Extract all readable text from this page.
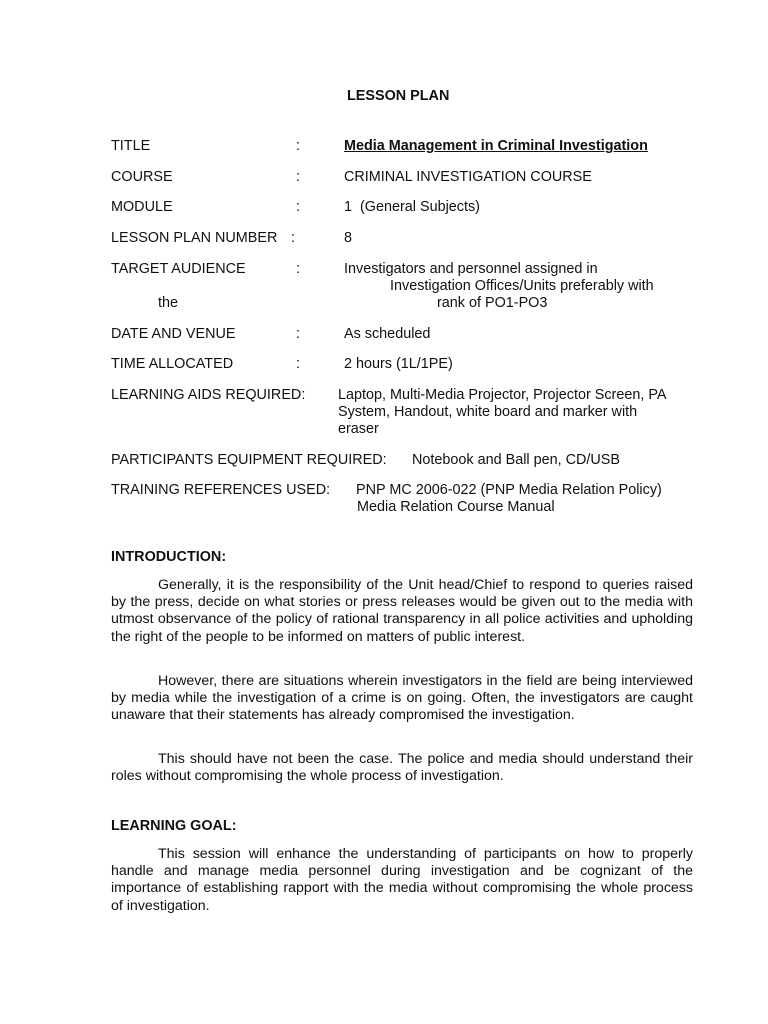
LESSON PLAN
TITLE	:	Media Management in Criminal Investigation
COURSE	:	CRIMINAL INVESTIGATION COURSE
MODULE	:	1  (General Subjects)
LESSON PLAN NUMBER :	8
TARGET AUDIENCE	:	Investigators and personnel assigned in
Investigation Offices/Units preferably with
the	rank of PO1-PO3
DATE AND VENUE	:	As scheduled
TIME ALLOCATED	:	2 hours (1L/1PE)
LEARNING AIDS REQUIRED: Laptop, Multi-Media Projector, Projector Screen, PA
System, Handout, white board and marker with
eraser
PARTICIPANTS EQUIPMENT REQUIRED: Notebook and Ball pen, CD/USB
TRAINING REFERENCES USED: PNP MC 2006-022 (PNP Media Relation Policy)
Media Relation Course Manual
INTRODUCTION:
Generally, it is the responsibility of the Unit head/Chief to respond to queries raised by the press, decide on what stories or press releases would be given out to the media with utmost observance of the policy of rational transparency in all police activities and upholding the right of the people to be informed on matters of public interest.
However, there are situations wherein investigators in the field are being interviewed by media while the investigation of a crime is on going. Often, the investigators are caught unaware that their statements has already compromised the investigation.
This should have not been the case. The police and media should understand their roles without compromising the whole process of investigation.
LEARNING GOAL:
This session will enhance the understanding of participants on how to properly handle and manage media personnel during investigation and be cognizant of the importance of establishing rapport with the media without compromising the whole process of investigation.
